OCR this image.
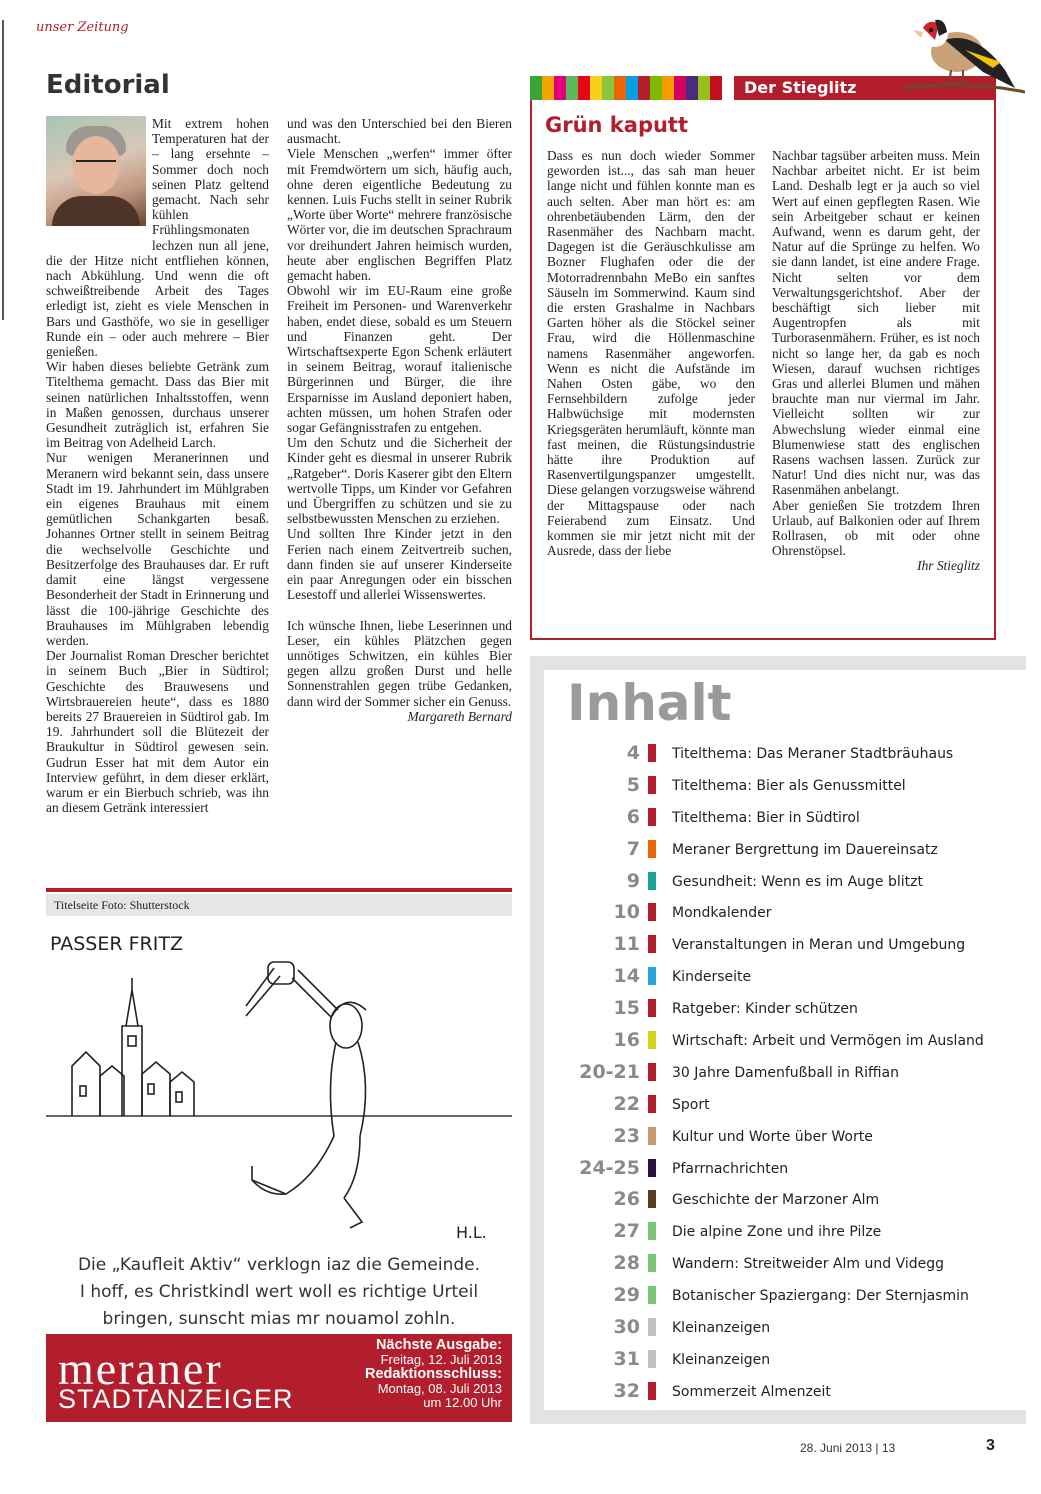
unser Zeitung
Editorial

Mit extrem hohen Temperaturen hat der – lang ersehnte – Sommer doch noch seinen Platz geltend gemacht. Nach sehr kühlen Frühlingsmonaten lechzen nun all jene, die der Hitze nicht entfliehen können, nach Abkühlung. Und wenn die oft schweißtreibende Arbeit des Tages erledigt ist, zieht es viele Menschen in Bars und Gasthöfe, wo sie in geselliger Runde ein – oder auch mehrere – Bier genießen.

Wir haben dieses beliebte Getränk zum Titelthema gemacht. Dass das Bier mit seinen natürlichen Inhaltsstoffen, wenn in Maßen genossen, durchaus unserer Gesundheit zuträglich ist, erfahren Sie im Beitrag von Adelheid Larch.

Nur wenigen Meranerinnen und Meranern wird bekannt sein, dass unsere Stadt im 19. Jahrhundert im Mühlgraben ein eigenes Brauhaus mit einem gemütlichen Schankgarten besaß. Johannes Ortner stellt in seinem Beitrag die wechselvolle Geschichte und Besitzerfolge des Brauhauses dar. Er ruft damit eine längst vergessene Besonderheit der Stadt in Erinnerung und lässt die 100-jährige Geschichte des Brauhauses im Mühlgraben lebendig werden.

Der Journalist Roman Drescher berichtet in seinem Buch „Bier in Südtirol; Geschichte des Brauwesens und Wirtsbrauereien heute“, dass es 1880 bereits 27 Brauereien in Südtirol gab. Im 19. Jahrhundert soll die Blütezeit der Braukultur in Südtirol gewesen sein. Gudrun Esser hat mit dem Autor ein Interview geführt, in dem dieser erklärt, warum er ein Bierbuch schrieb, was ihn an diesem Getränk interessiert

und was den Unterschied bei den Bieren ausmacht.

Viele Menschen „werfen“ immer öfter mit Fremdwörtern um sich, häufig auch, ohne deren eigentliche Bedeutung zu kennen. Luis Fuchs stellt in seiner Rubrik „Worte über Worte“ mehrere französische Wörter vor, die im deutschen Sprachraum vor dreihundert Jahren heimisch wurden, heute aber englischen Begriffen Platz gemacht haben.

Obwohl wir im EU-Raum eine große Freiheit im Personen- und Warenverkehr haben, endet diese, sobald es um Steuern und Finanzen geht. Der Wirtschaftsexperte Egon Schenk erläutert in seinem Beitrag, worauf italienische Bürgerinnen und Bürger, die ihre Ersparnisse im Ausland deponiert haben, achten müssen, um hohen Strafen oder sogar Gefängnisstrafen zu entgehen.

Um den Schutz und die Sicherheit der Kinder geht es diesmal in unserer Rubrik „Ratgeber“. Doris Kaserer gibt den Eltern wertvolle Tipps, um Kinder vor Gefahren und Übergriffen zu schützen und sie zu selbstbewussten Menschen zu erziehen.

Und sollten Ihre Kinder jetzt in den Ferien nach einem Zeitvertreib suchen, dann finden sie auf unserer Kinderseite ein paar Anregungen oder ein bisschen Lesestoff und allerlei Wissenswertes.

Ich wünsche Ihnen, liebe Leserinnen und Leser, ein kühles Plätzchen gegen unnötiges Schwitzen, ein kühles Bier gegen allzu großen Durst und helle Sonnenstrahlen gegen trübe Gedanken, dann wird der Sommer sicher ein Genuss.

Margareth Bernard

Titelseite Foto: Shutterstock
PASSER FRITZ
H.L.
Die „Kaufleit Aktiv“ verklogn iaz die Gemeinde.
I hoff, es Christkindl wert woll es richtige Urteil
bringen, sunscht mias mr nouamol zohln.
meraner
STADTANZEIGER
Nächste Ausgabe:
Freitag, 12. Juli 2013
Redaktionsschluss:
Montag, 08. Juli 2013
um 12.00 Uhr
Der Stieglitz
Grün kaputt

Dass es nun doch wieder Sommer geworden ist..., das sah man heuer lange nicht und fühlen konnte man es auch selten. Aber man hört es: am ohrenbetäubenden Lärm, den der Rasenmäher des Nachbarn macht. Dagegen ist die Geräuschkulisse am Bozner Flughafen oder die der Motorradrennbahn MeBo ein sanftes Säuseln im Sommerwind. Kaum sind die ersten Grashalme in Nachbars Garten höher als die Stöckel seiner Frau, wird die Höllenmaschine namens Rasenmäher angeworfen. Wenn es nicht die Aufstände im Nahen Osten gäbe, wo den Fernsehbildern zufolge jeder Halbwüchsige mit modernsten Kriegsgeräten herumläuft, könnte man fast meinen, die Rüstungsindustrie hätte ihre Produktion auf Rasenvertilgungspanzer umgestellt. Diese gelangen vorzugsweise während der Mittagspause oder nach Feierabend zum Einsatz. Und kommen sie mir jetzt nicht mit der Ausrede, dass der liebe

Nachbar tagsüber arbeiten muss. Mein Nachbar arbeitet nicht. Er ist beim Land. Deshalb legt er ja auch so viel Wert auf einen gepflegten Rasen. Wie sein Arbeitgeber schaut er keinen Aufwand, wenn es darum geht, der Natur auf die Sprünge zu helfen. Wo sie dann landet, ist eine andere Frage. Nicht selten vor dem Verwaltungsgerichtshof. Aber der beschäftigt sich lieber mit Augentropfen als mit Turborasenmähern. Früher, es ist noch nicht so lange her, da gab es noch Wiesen, darauf wuchsen richtiges Gras und allerlei Blumen und mähen brauchte man nur viermal im Jahr. Vielleicht sollten wir zur Abwechslung wieder einmal eine Blumenwiese statt des englischen Rasens wachsen lassen. Zurück zur Natur! Und dies nicht nur, was das Rasenmähen anbelangt.

Aber genießen Sie trotzdem Ihren Urlaub, auf Balkonien oder auf Ihrem Rollrasen, ob mit oder ohne Ohrenstöpsel.

Ihr Stieglitz

Inhalt
4 Titelthema: Das Meraner Stadtbräuhaus
5 Titelthema: Bier als Genussmittel
6 Titelthema: Bier in Südtirol
7 Meraner Bergrettung im Dauereinsatz
9 Gesundheit: Wenn es im Auge blitzt
10 Mondkalender
11 Veranstaltungen in Meran und Umgebung
14 Kinderseite
15 Ratgeber: Kinder schützen
16 Wirtschaft: Arbeit und Vermögen im Ausland
20-21 30 Jahre Damenfußball in Riffian
22 Sport
23 Kultur und Worte über Worte
24-25 Pfarrnachrichten
26 Geschichte der Marzoner Alm
27 Die alpine Zone und ihre Pilze
28 Wandern: Streitweider Alm und Videgg
29 Botanischer Spaziergang: Der Sternjasmin
30 Kleinanzeigen
31 Kleinanzeigen
32 Sommerzeit Almenzeit
28. Juni 2013 | 13	3
